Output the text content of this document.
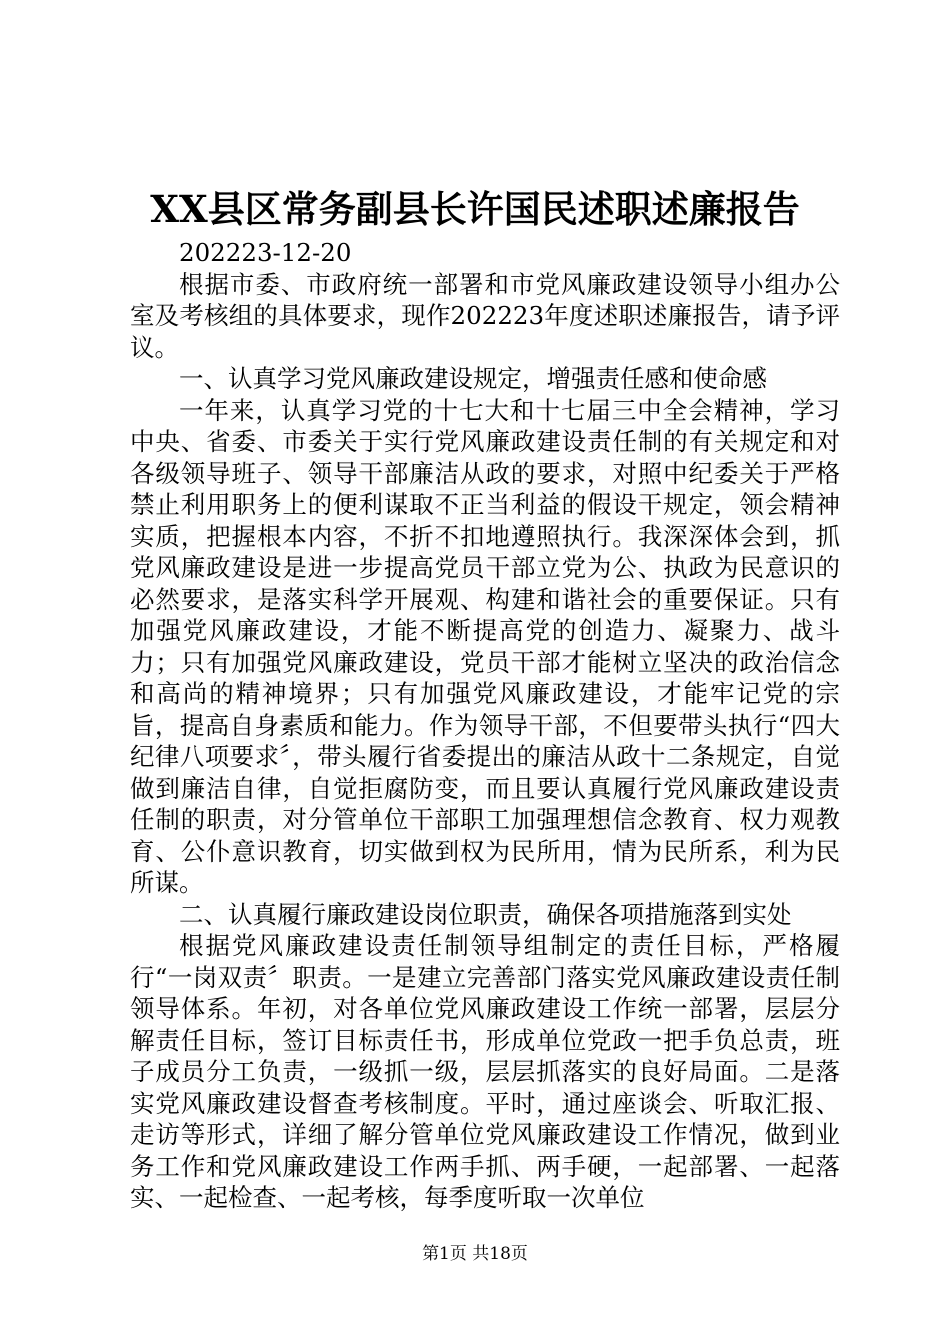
XX县区常务副县长许国民述职述廉报告

202223-12-20

根据市委、市政府统一部署和市党风廉政建设领导小组办公室及考核组的具体要求，现作202223年度述职述廉报告，请予评议。

一、认真学习党风廉政建设规定，增强责任感和使命感

一年来，认真学习党的十七大和十七届三中全会精神，学习中央、省委、市委关于实行党风廉政建设责任制的有关规定和对各级领导班子、领导干部廉洁从政的要求，对照中纪委关于严格禁止利用职务上的便利谋取不正当利益的假设干规定，领会精神实质，把握根本内容，不折不扣地遵照执行。我深深体会到，抓党风廉政建设是进一步提高党员干部立党为公、执政为民意识的必然要求，是落实科学开展观、构建和谐社会的重要保证。只有加强党风廉政建设，才能不断提高党的创造力、凝聚力、战斗力；只有加强党风廉政建设，党员干部才能树立坚决的政治信念和高尚的精神境界；只有加强党风廉政建设，才能牢记党的宗旨，提高自身素质和能力。作为领导干部，不但要带头执行“四大纪律八项要求〞，带头履行省委提出的廉洁从政十二条规定，自觉做到廉洁自律，自觉拒腐防变，而且要认真履行党风廉政建设责任制的职责，对分管单位干部职工加强理想信念教育、权力观教育、公仆意识教育，切实做到权为民所用，情为民所系，利为民所谋。

二、认真履行廉政建设岗位职责，确保各项措施落到实处

根据党风廉政建设责任制领导组制定的责任目标，严格履行“一岗双责〞职责。一是建立完善部门落实党风廉政建设责任制领导体系。年初，对各单位党风廉政建设工作统一部署，层层分解责任目标，签订目标责任书，形成单位党政一把手负总责，班子成员分工负责，一级抓一级，层层抓落实的良好局面。二是落实党风廉政建设督查考核制度。平时，通过座谈会、听取汇报、走访等形式，详细了解分管单位党风廉政建设工作情况，做到业务工作和党风廉政建设工作两手抓、两手硬，一起部署、一起落实、一起检查、一起考核，每季度听取一次单位

第1页 共18页
